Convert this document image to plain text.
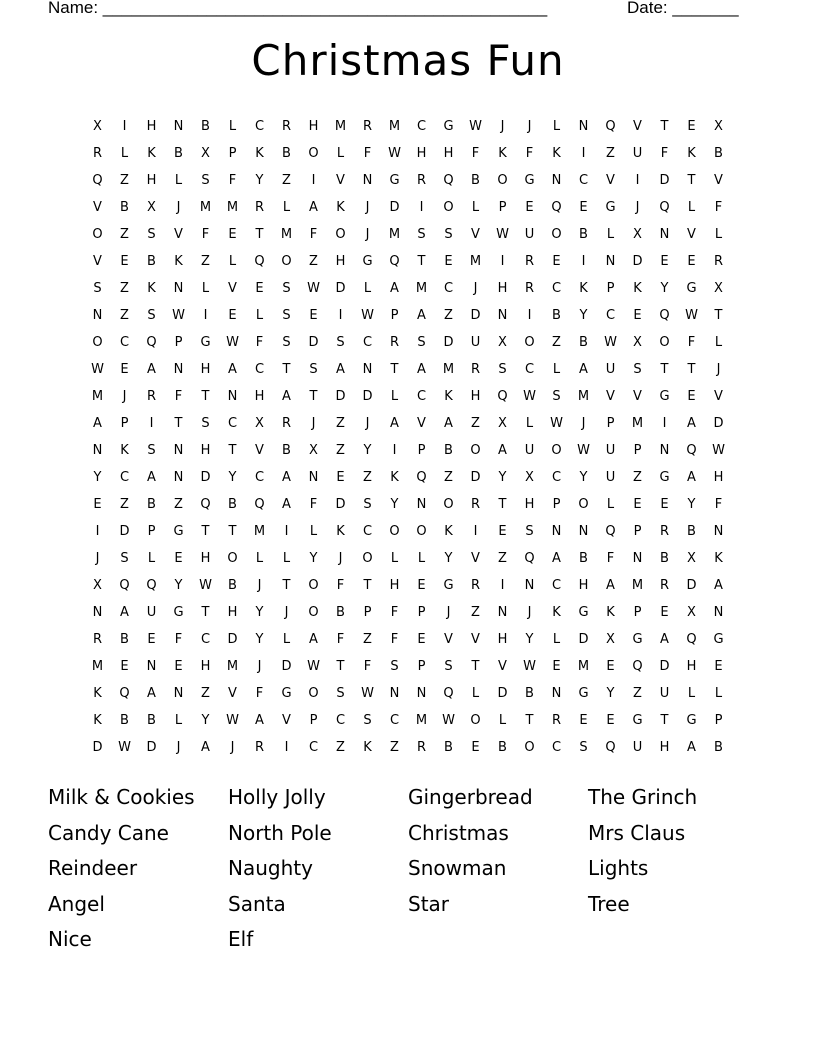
Name: _______________________________________________	Date: _______
Christmas Fun
X	I	H	N	B	L	C	R	H	M	R	M	C	G	W	J	J	L	N	Q	V	T	E	X
R	L	K	B	X	P	K	B	O	L	F	W	H	H	F	K	F	K	I	Z	U	F	K	B
Q	Z	H	L	S	F	Y	Z	I	V	N	G	R	Q	B	O	G	N	C	V	I	D	T	V
V	B	X	J	M	M	R	L	A	K	J	D	I	O	L	P	E	Q	E	G	J	Q	L	F
O	Z	S	V	F	E	T	M	F	O	J	M	S	S	V	W	U	O	B	L	X	N	V	L
V	E	B	K	Z	L	Q	O	Z	H	G	Q	T	E	M	I	R	E	I	N	D	E	E	R
S	Z	K	N	L	V	E	S	W	D	L	A	M	C	J	H	R	C	K	P	K	Y	G	X
N	Z	S	W	I	E	L	S	E	I	W	P	A	Z	D	N	I	B	Y	C	E	Q	W	T
O	C	Q	P	G	W	F	S	D	S	C	R	S	D	U	X	O	Z	B	W	X	O	F	L
W	E	A	N	H	A	C	T	S	A	N	T	A	M	R	S	C	L	A	U	S	T	T	J
M	J	R	F	T	N	H	A	T	D	D	L	C	K	H	Q	W	S	M	V	V	G	E	V
A	P	I	T	S	C	X	R	J	Z	J	A	V	A	Z	X	L	W	J	P	M	I	A	D
N	K	S	N	H	T	V	B	X	Z	Y	I	P	B	O	A	U	O	W	U	P	N	Q	W
Y	C	A	N	D	Y	C	A	N	E	Z	K	Q	Z	D	Y	X	C	Y	U	Z	G	A	H
E	Z	B	Z	Q	B	Q	A	F	D	S	Y	N	O	R	T	H	P	O	L	E	E	Y	F
I	D	P	G	T	T	M	I	L	K	C	O	O	K	I	E	S	N	N	Q	P	R	B	N
J	S	L	E	H	O	L	L	Y	J	O	L	L	Y	V	Z	Q	A	B	F	N	B	X	K
X	Q	Q	Y	W	B	J	T	O	F	T	H	E	G	R	I	N	C	H	A	M	R	D	A
N	A	U	G	T	H	Y	J	O	B	P	F	P	J	Z	N	J	K	G	K	P	E	X	N
R	B	E	F	C	D	Y	L	A	F	Z	F	E	V	V	H	Y	L	D	X	G	A	Q	G
M	E	N	E	H	M	J	D	W	T	F	S	P	S	T	V	W	E	M	E	Q	D	H	E
K	Q	A	N	Z	V	F	G	O	S	W	N	N	Q	L	D	B	N	G	Y	Z	U	L	L
K	B	B	L	Y	W	A	V	P	C	S	C	M	W	O	L	T	R	E	E	G	T	G	P
D	W	D	J	A	J	R	I	C	Z	K	Z	R	B	E	B	O	C	S	Q	U	H	A	B
Milk & Cookies	Holly Jolly	Gingerbread	The Grinch
Candy Cane	North Pole	Christmas	Mrs Claus
Reindeer	Naughty	Snowman	Lights
Angel	Santa	Star	Tree
Nice	Elf
